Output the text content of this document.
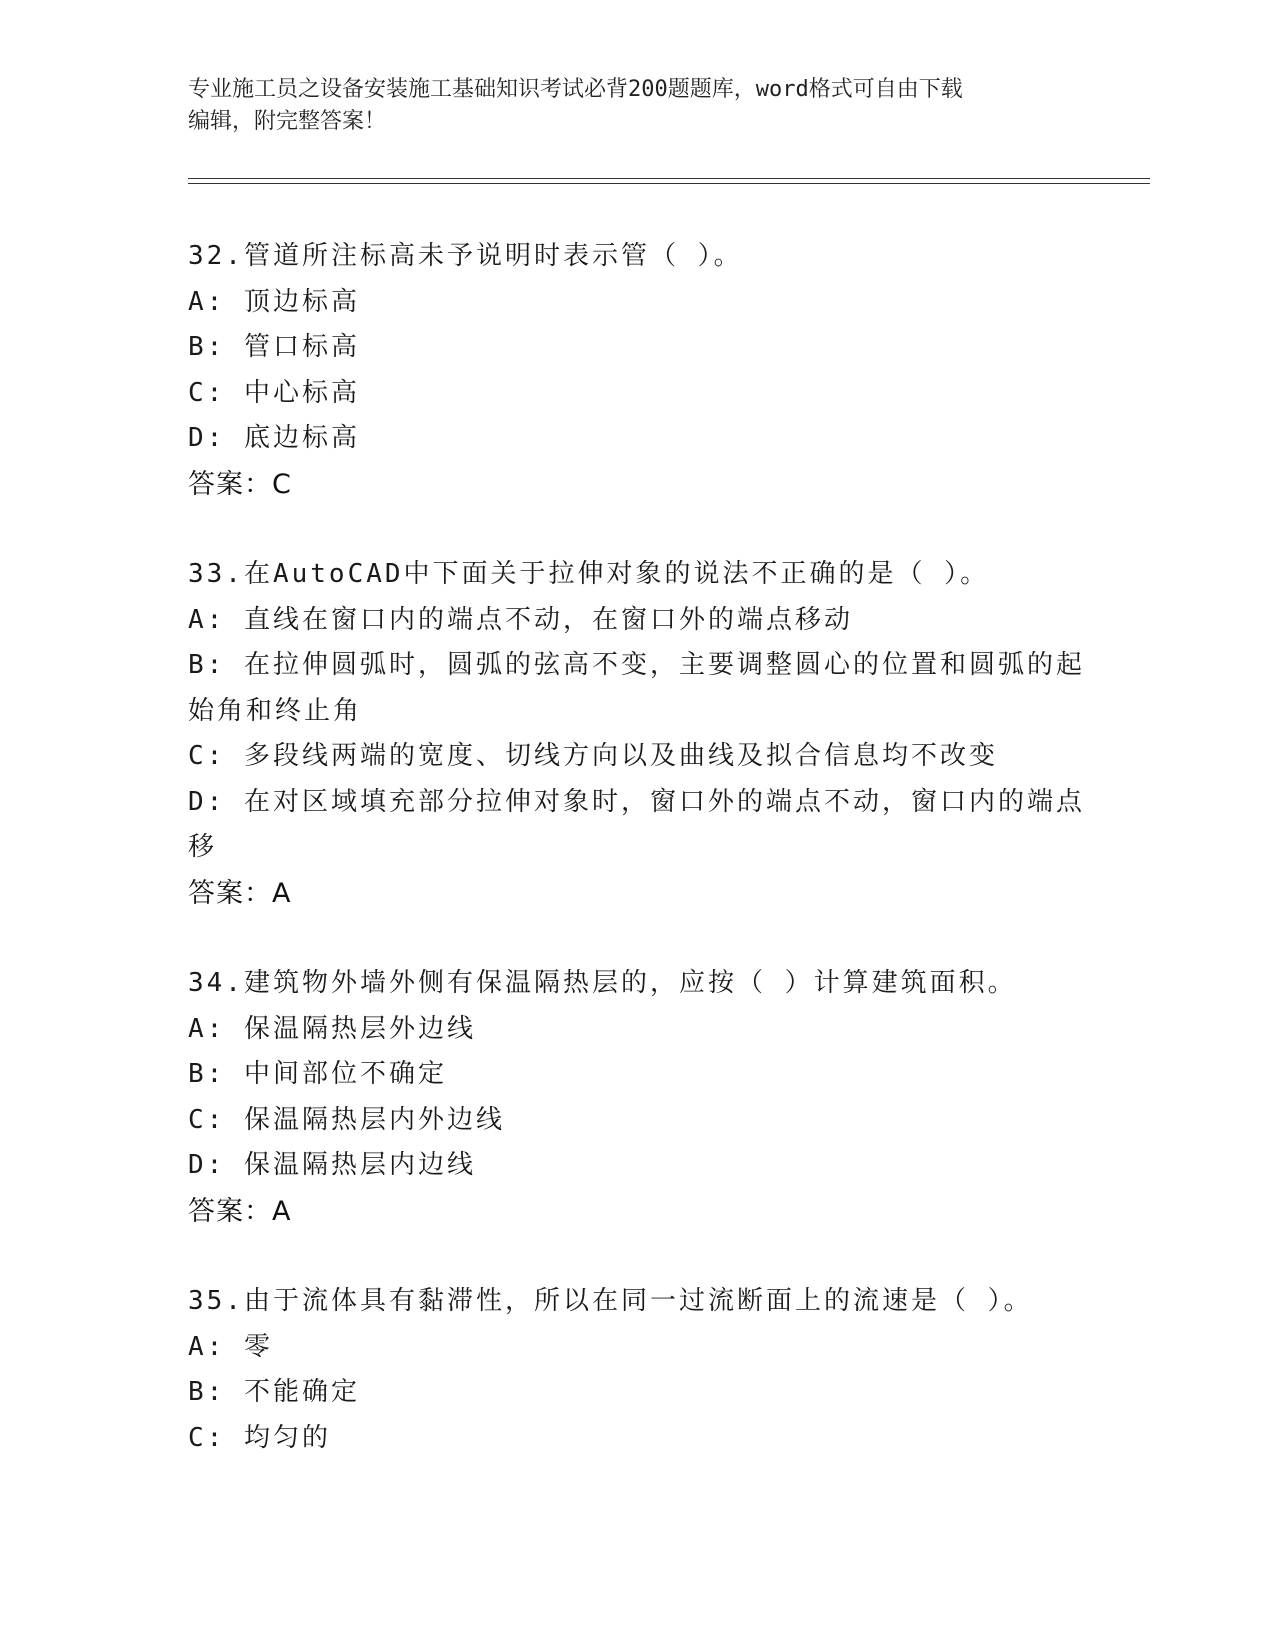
专业施工员之设备安装施工基础知识考试必背200题题库，word格式可自由下载
编辑，附完整答案！
32.管道所注标高未予说明时表示管（ ）。
A: 顶边标高
B: 管口标高
C: 中心标高
D: 底边标高
答案：C
33.在AutoCAD中下面关于拉伸对象的说法不正确的是（ ）。
A: 直线在窗口内的端点不动，在窗口外的端点移动
B: 在拉伸圆弧时，圆弧的弦高不变，主要调整圆心的位置和圆弧的起始角和终止角
C: 多段线两端的宽度、切线方向以及曲线及拟合信息均不改变
D: 在对区域填充部分拉伸对象时，窗口外的端点不动，窗口内的端点移
答案：A
34.建筑物外墙外侧有保温隔热层的，应按（ ）计算建筑面积。
A: 保温隔热层外边线
B: 中间部位不确定
C: 保温隔热层内外边线
D: 保温隔热层内边线
答案：A
35.由于流体具有黏滞性，所以在同一过流断面上的流速是（ ）。
A: 零
B: 不能确定
C: 均匀的
